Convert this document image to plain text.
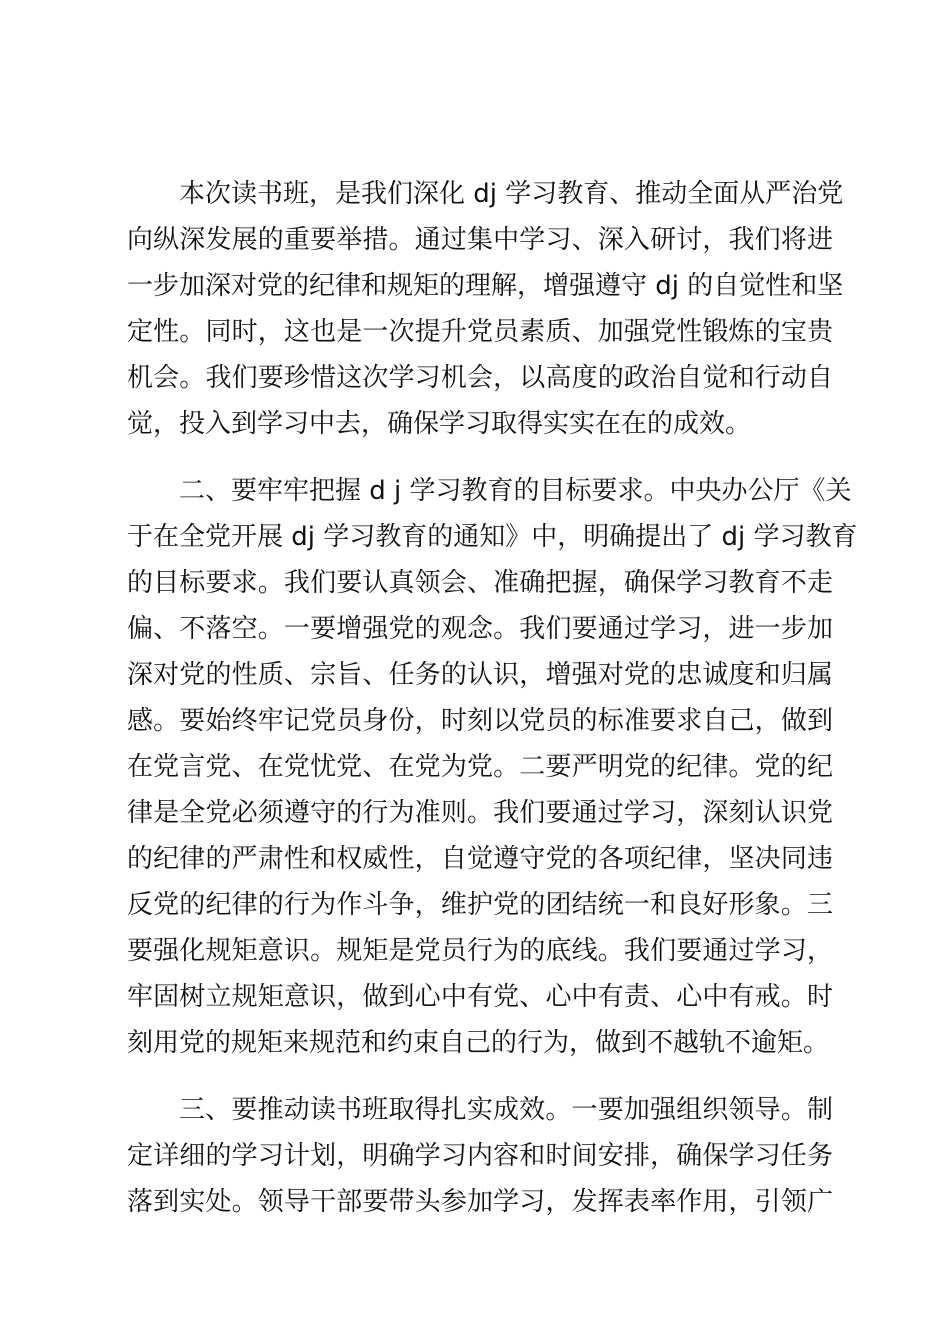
本次读书班，是我们深化 dj 学习教育、推动全面从严治党
向纵深发展的重要举措。通过集中学习、深入研讨，我们将进
一步加深对党的纪律和规矩的理解，增强遵守 dj 的自觉性和坚
定性。同时，这也是一次提升党员素质、加强党性锻炼的宝贵
机会。我们要珍惜这次学习机会，以高度的政治自觉和行动自
觉，投入到学习中去，确保学习取得实实在在的成效。
二、要牢牢把握 d j 学习教育的目标要求。中央办公厅《关
于在全党开展 dj 学习教育的通知》中，明确提出了 dj 学习教育
的目标要求。我们要认真领会、准确把握，确保学习教育不走
偏、不落空。一要增强党的观念。我们要通过学习，进一步加
深对党的性质、宗旨、任务的认识，增强对党的忠诚度和归属
感。要始终牢记党员身份，时刻以党员的标准要求自己，做到
在党言党、在党忧党、在党为党。二要严明党的纪律。党的纪
律是全党必须遵守的行为准则。我们要通过学习，深刻认识党
的纪律的严肃性和权威性，自觉遵守党的各项纪律，坚决同违
反党的纪律的行为作斗争，维护党的团结统一和良好形象。三
要强化规矩意识。规矩是党员行为的底线。我们要通过学习，
牢固树立规矩意识，做到心中有党、心中有责、心中有戒。时
刻用党的规矩来规范和约束自己的行为，做到不越轨不逾矩。
三、要推动读书班取得扎实成效。一要加强组织领导。制
定详细的学习计划，明确学习内容和时间安排，确保学习任务
落到实处。领导干部要带头参加学习，发挥表率作用，引领广
